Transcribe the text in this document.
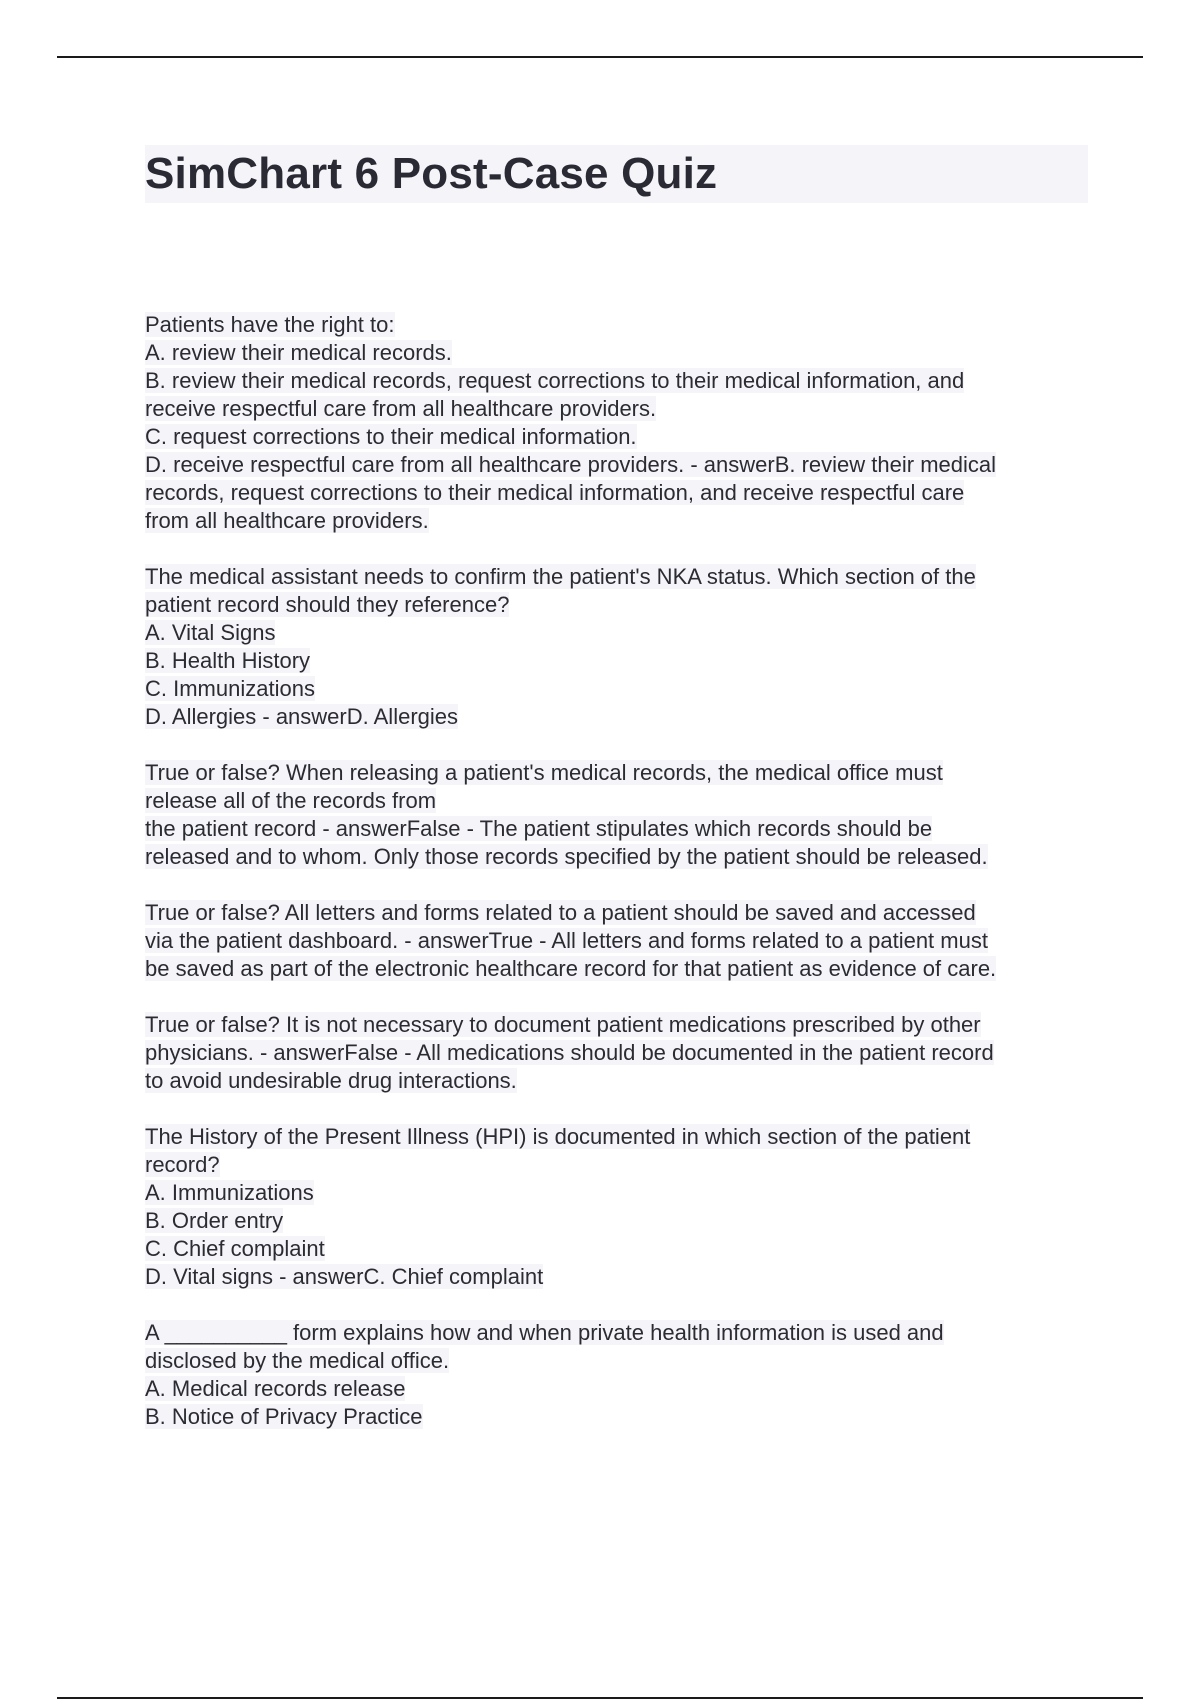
SimChart 6 Post-Case Quiz
Patients have the right to:
A. review their medical records.
B. review their medical records, request corrections to their medical information, and
receive respectful care from all healthcare providers.
C. request corrections to their medical information.
D. receive respectful care from all healthcare providers. - answerB. review their medical
records, request corrections to their medical information, and receive respectful care
from all healthcare providers.
The medical assistant needs to confirm the patient's NKA status. Which section of the
patient record should they reference?
A. Vital Signs
B. Health History
C. Immunizations
D. Allergies - answerD. Allergies
True or false? When releasing a patient's medical records, the medical office must
release all of the records from
the patient record - answerFalse - The patient stipulates which records should be
released and to whom. Only those records specified by the patient should be released.
True or false? All letters and forms related to a patient should be saved and accessed
via the patient dashboard. - answerTrue - All letters and forms related to a patient must
be saved as part of the electronic healthcare record for that patient as evidence of care.
True or false? It is not necessary to document patient medications prescribed by other
physicians. - answerFalse - All medications should be documented in the patient record
to avoid undesirable drug interactions.
The History of the Present Illness (HPI) is documented in which section of the patient
record?
A. Immunizations
B. Order entry
C. Chief complaint
D. Vital signs - answerC. Chief complaint
A __________ form explains how and when private health information is used and
disclosed by the medical office.
A. Medical records release
B. Notice of Privacy Practice
